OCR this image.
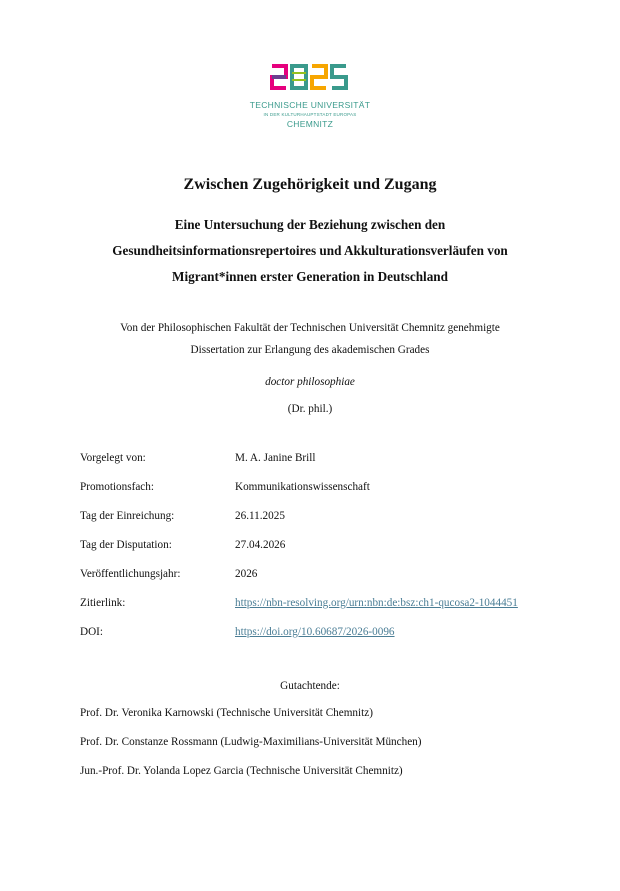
TECHNISCHE UNIVERSITÄT
IN DER KULTURHAUPTSTADT EUROPAS
CHEMNITZ
Zwischen Zugehörigkeit und Zugang
Eine Untersuchung der Beziehung zwischen den
Gesundheitsinformationsrepertoires und Akkulturationsverläufen von
Migrant*innen erster Generation in Deutschland
Von der Philosophischen Fakultät der Technischen Universität Chemnitz genehmigte
Dissertation zur Erlangung des akademischen Grades
doctor philosophiae
(Dr. phil.)
Vorgelegt von:	M. A. Janine Brill
Promotionsfach:	Kommunikationswissenschaft
Tag der Einreichung:	26.11.2025
Tag der Disputation:	27.04.2026
Veröffentlichungsjahr:	2026
Zitierlink:	https://nbn-resolving.org/urn:nbn:de:bsz:ch1-qucosa2-1044451
DOI:	https://doi.org/10.60687/2026-0096
Gutachtende:
Prof. Dr. Veronika Karnowski (Technische Universität Chemnitz)
Prof. Dr. Constanze Rossmann (Ludwig-Maximilians-Universität München)
Jun.-Prof. Dr. Yolanda Lopez Garcia (Technische Universität Chemnitz)
